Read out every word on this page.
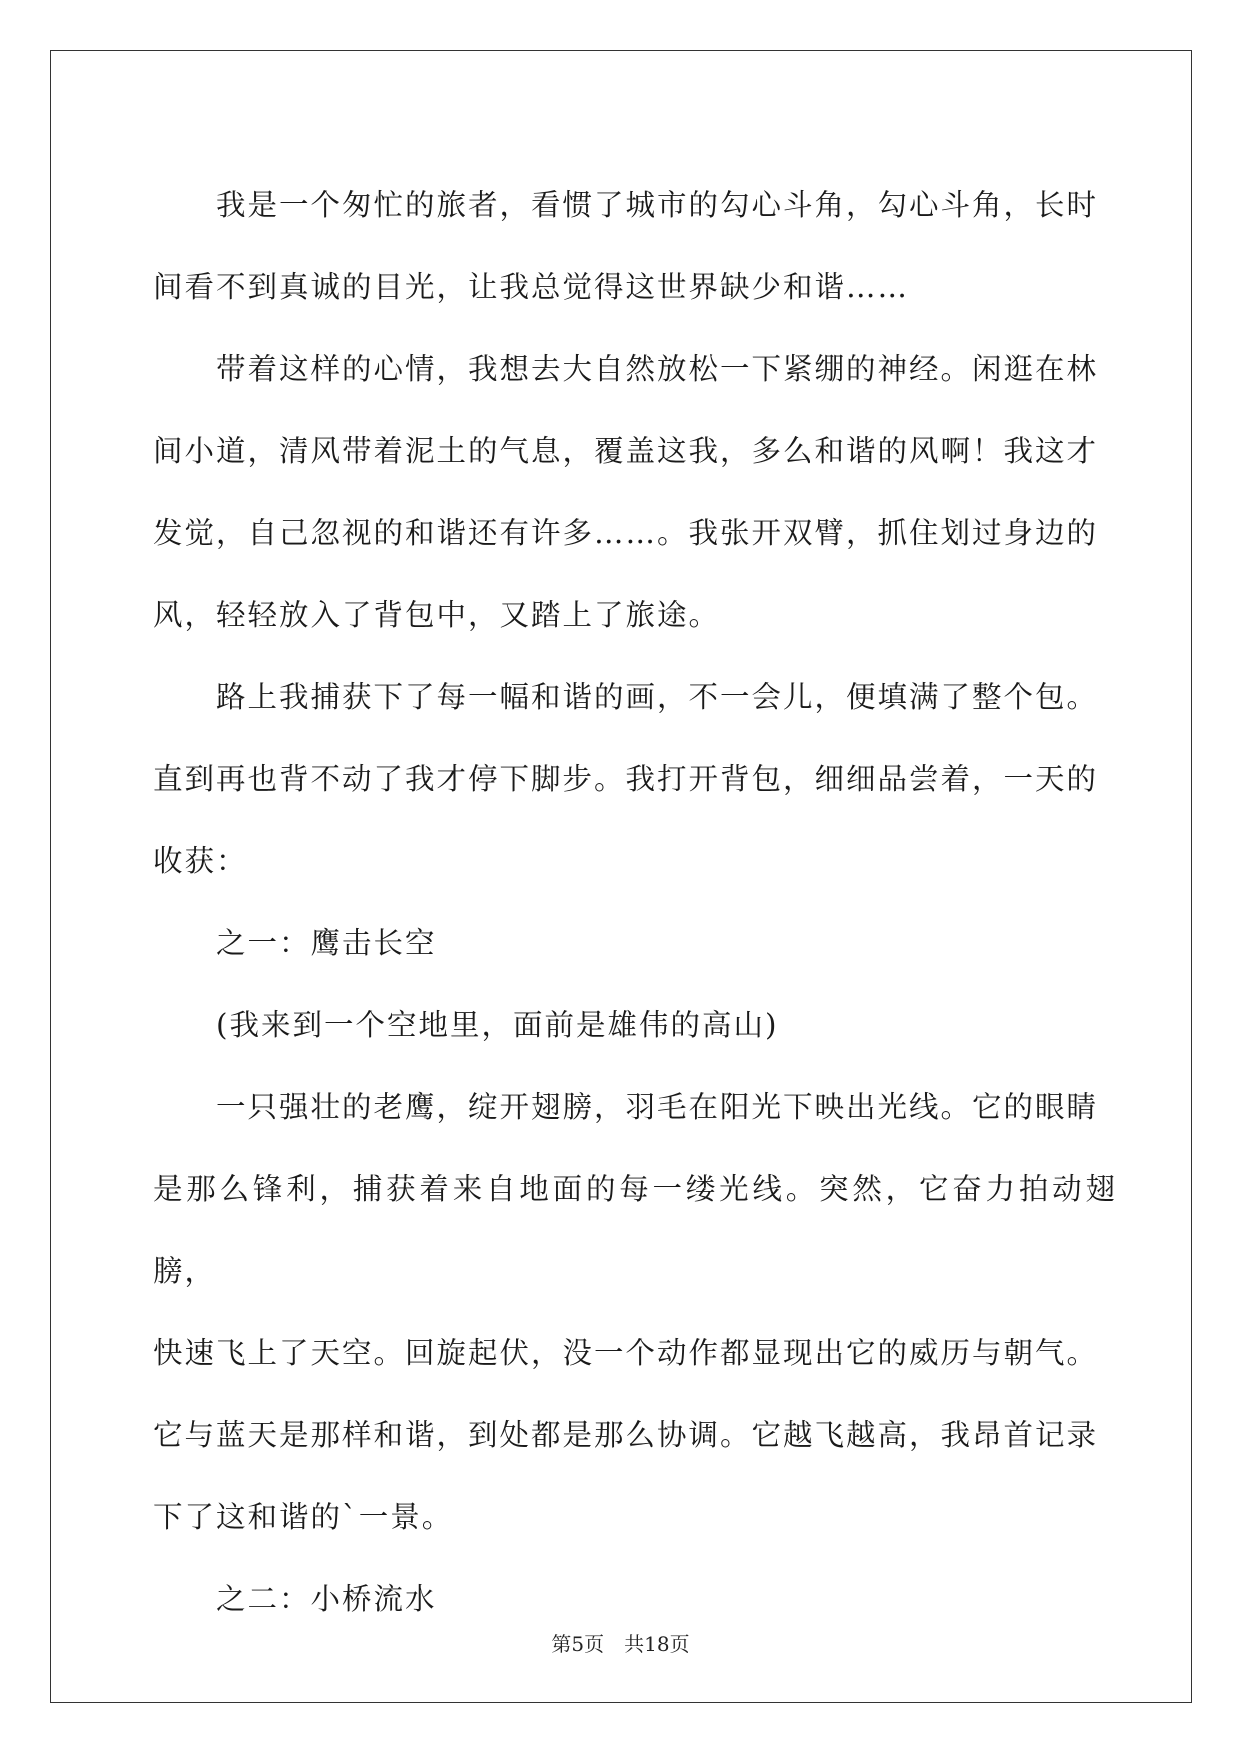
我是一个匆忙的旅者，看惯了城市的勾心斗角，勾心斗角，长时
间看不到真诚的目光，让我总觉得这世界缺少和谐……

带着这样的心情，我想去大自然放松一下紧绷的神经。闲逛在林
间小道，清风带着泥土的气息，覆盖这我，多么和谐的风啊！我这才
发觉，自己忽视的和谐还有许多……。我张开双臂，抓住划过身边的
风，轻轻放入了背包中，又踏上了旅途。

路上我捕获下了每一幅和谐的画，不一会儿，便填满了整个包。
直到再也背不动了我才停下脚步。我打开背包，细细品尝着，一天的
收获：

之一：鹰击长空

(我来到一个空地里，面前是雄伟的高山)

一只强壮的老鹰，绽开翅膀，羽毛在阳光下映出光线。它的眼睛
是那么锋利，捕获着来自地面的每一缕光线。突然，它奋力拍动翅膀，
快速飞上了天空。回旋起伏，没一个动作都显现出它的威历与朝气。
它与蓝天是那样和谐，到处都是那么协调。它越飞越高，我昂首记录
下了这和谐的`一景。

之二：小桥流水

第5页　共18页
